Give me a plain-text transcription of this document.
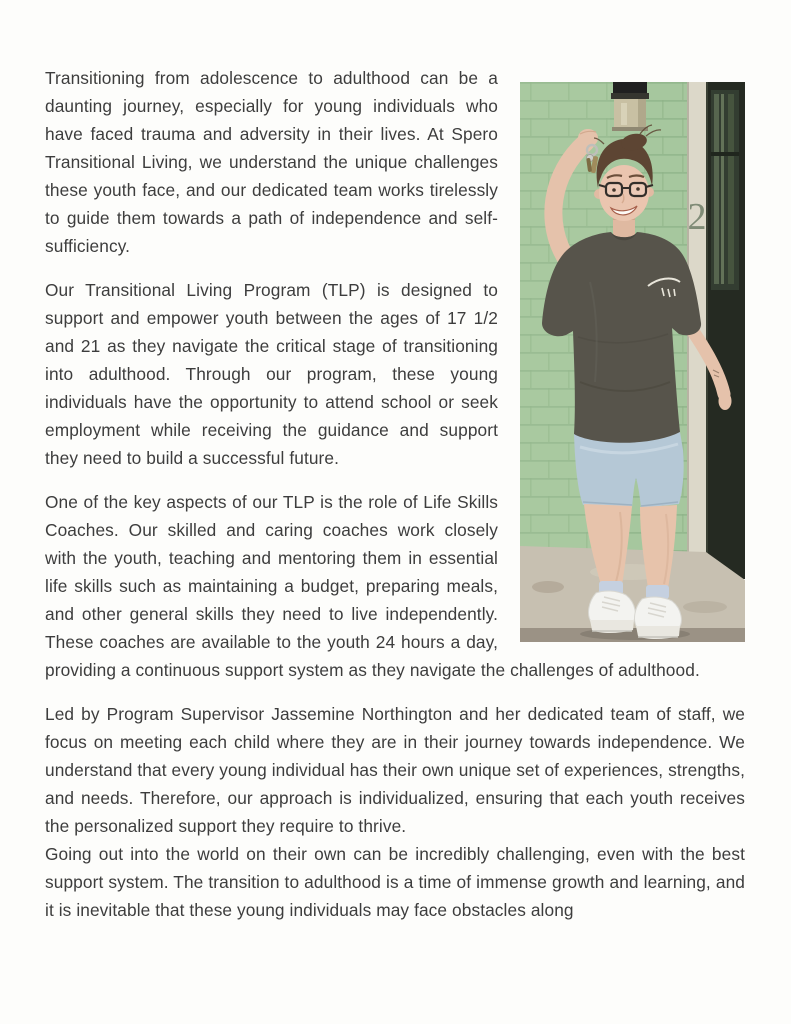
2

Transitioning from adolescence to adulthood can be a daunting journey, especially for young individuals who have faced trauma and adversity in their lives. At Spero Transitional Living, we understand the unique challenges these youth face, and our dedicated team works tirelessly to guide them towards a path of independence and self-sufficiency.

Our Transitional Living Program (TLP) is designed to support and empower youth between the ages of 17 1/2 and 21 as they navigate the critical stage of transitioning into adulthood. Through our program, these young individuals have the opportunity to attend school or seek employment while receiving the guidance and support they need to build a successful future.

One of the key aspects of our TLP is the role of Life Skills Coaches. Our skilled and caring coaches work closely with the youth, teaching and mentoring them in essential life skills such as maintaining a budget, preparing meals, and other general skills they need to live independently. These coaches are available to the youth 24 hours a day, providing a continuous support system as they navigate the challenges of adulthood.

Led by Program Supervisor Jassemine Northington and her dedicated team of staff, we focus on meeting each child where they are in their journey towards independence. We understand that every young individual has their own unique set of experiences, strengths, and needs. Therefore, our approach is individualized, ensuring that each youth receives the personalized support they require to thrive.

Going out into the world on their own can be incredibly challenging, even with the best support system. The transition to adulthood is a time of immense growth and learning, and it is inevitable that these young individuals may face obstacles along
